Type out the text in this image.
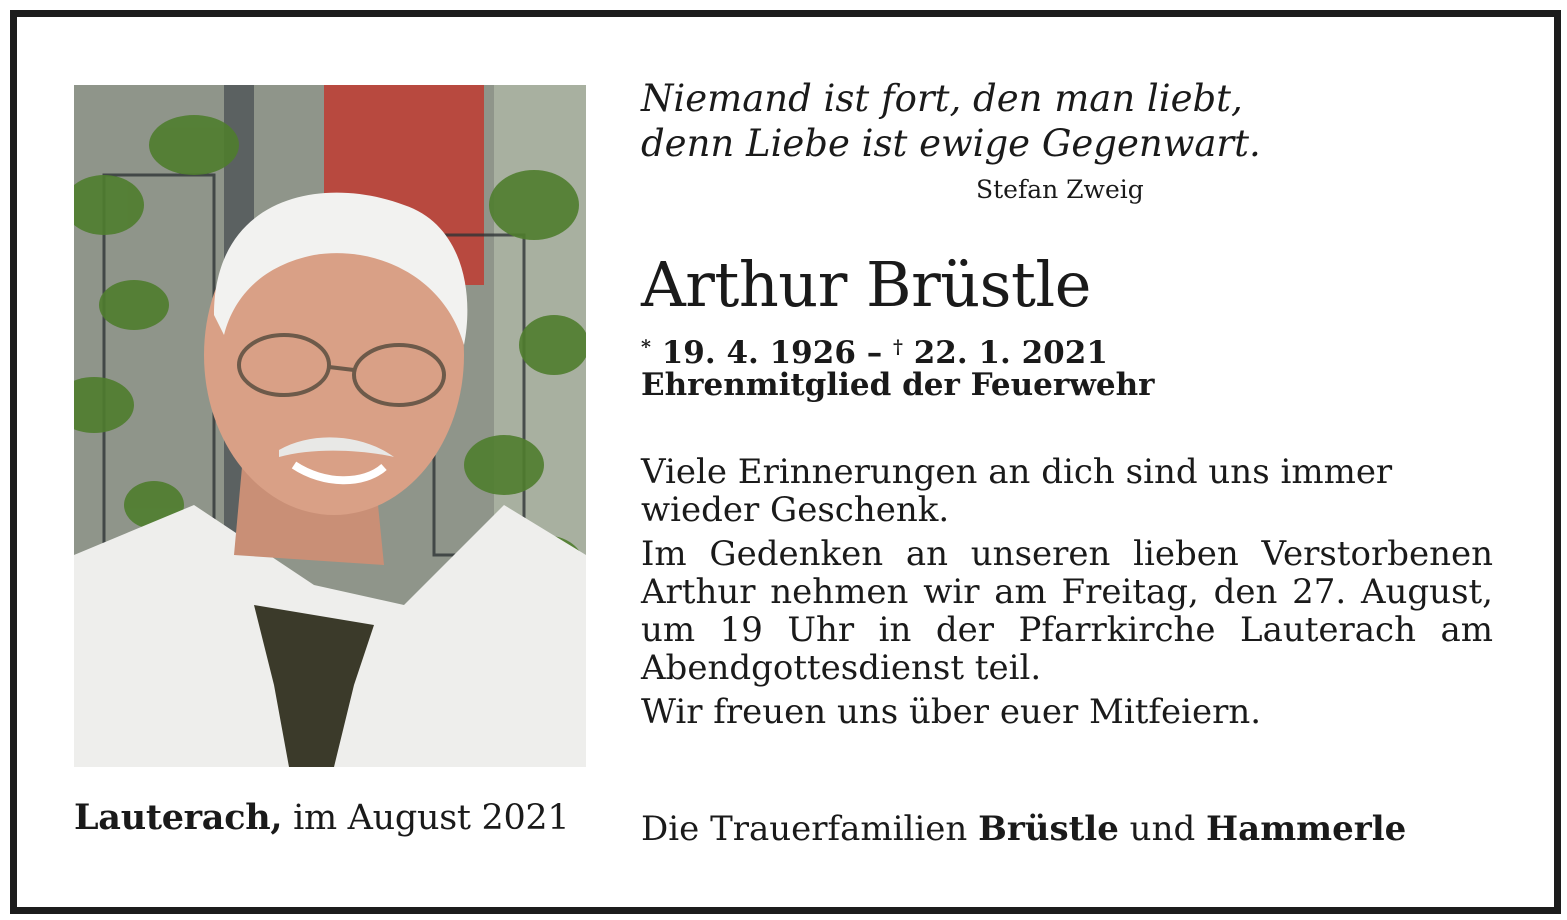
Lauterach, im August 2021
Niemand ist fort, den man liebt,
denn Liebe ist ewige Gegenwart.
Stefan Zweig
Arthur Brüstle
* 19. 4. 1926 – † 22. 1. 2021
Ehrenmitglied der Feuerwehr

Viele Erinnerungen an dich sind uns immer wieder Geschenk.

Im Gedenken an unseren lieben Verstorbenen Arthur nehmen wir am Freitag, den 27. August, um 19 Uhr in der Pfarrkirche Lauterach am Abendgottesdienst teil.

Wir freuen uns über euer Mitfeiern.

Die Trauerfamilien Brüstle und Hammerle
